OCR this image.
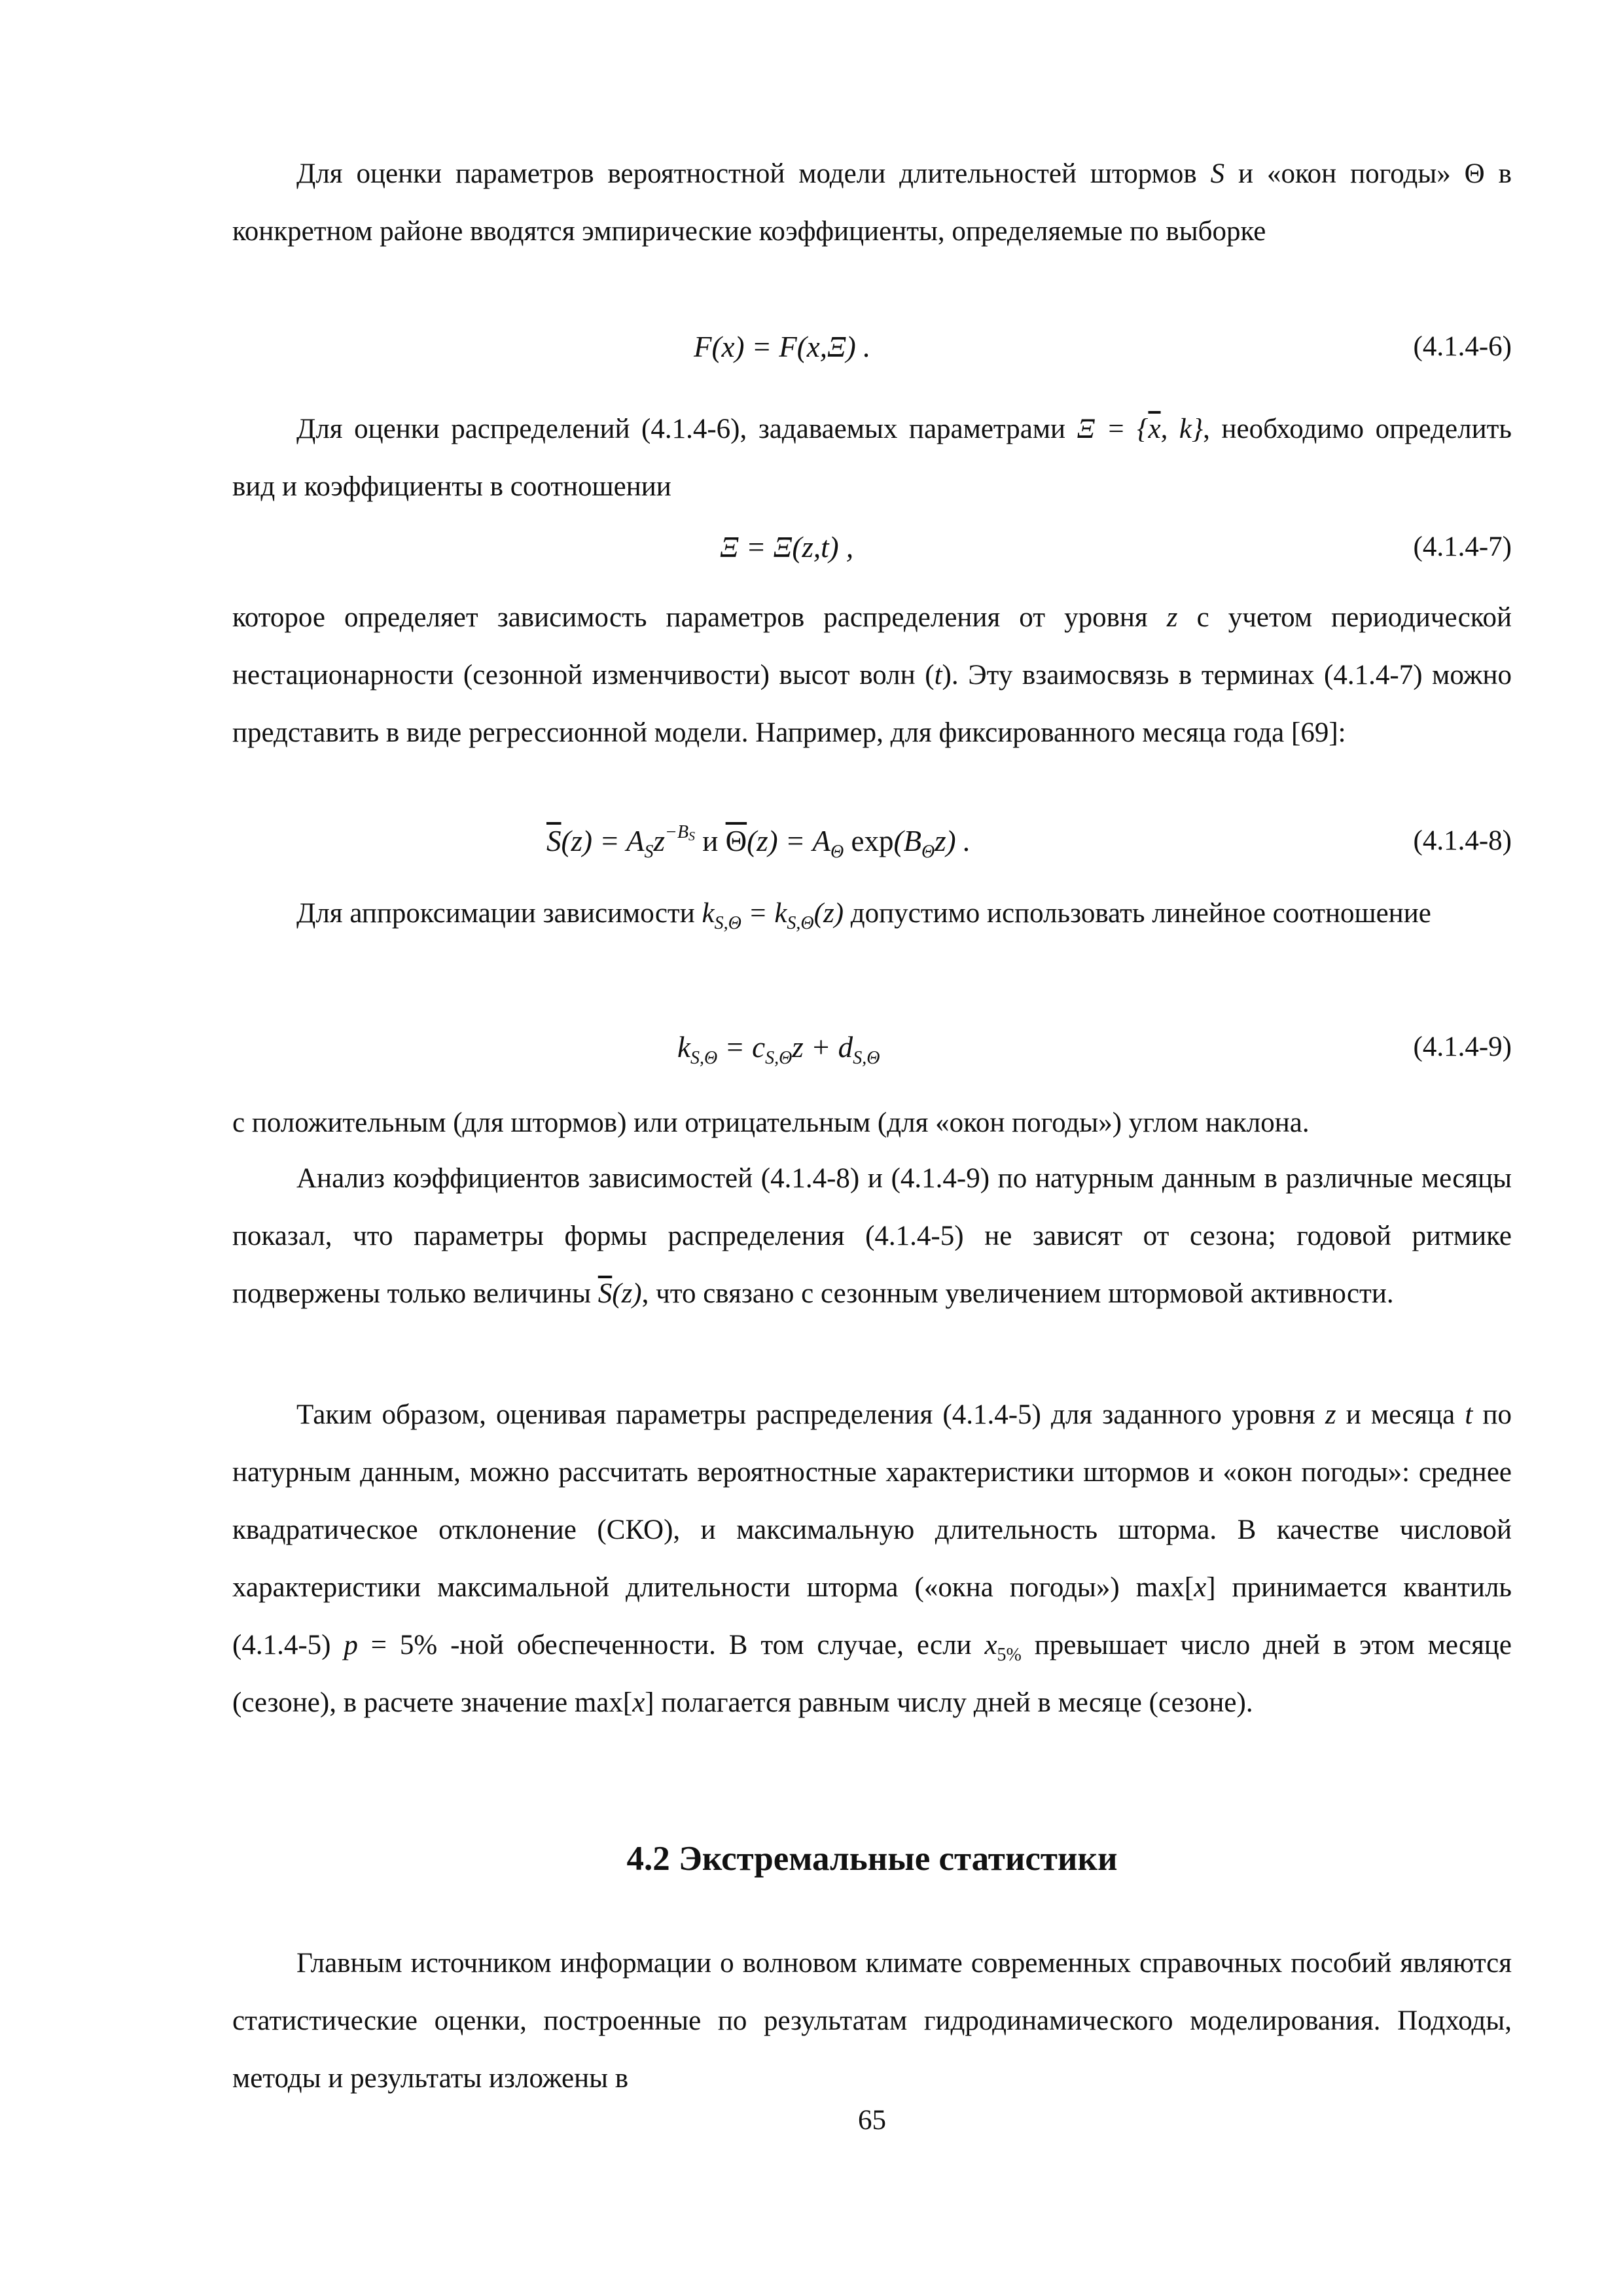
Для оценки параметров вероятностной модели длительностей штормов S и «окон погоды» Θ в конкретном районе вводятся эмпирические коэффициенты, определяемые по выборке

F(x) = F(x,Ξ) .	(4.1.4-6)

Для оценки распределений (4.1.4-6), задаваемых параметрами $\Xi = \{\overline{x}$, k}, необходимо определить вид и коэффициенты в соотношении

Ξ = Ξ(z,t) ,	(4.1.4-7)

которое определяет зависимость параметров распределения от уровня z с учетом периодической нестационарности (сезонной изменчивости) высот волн (t). Эту взаимосвязь в терминах (4.1.4-7) можно представить в виде регрессионной модели. Например, для фиксированного месяца года [69]:

$\overline{S}(z) = A_Sz^{-B_S}$ и $\overline{\Theta}(z) = A_\Theta$ $\exp(B_\Theta z)$ .	(4.1.4-8)

Для аппроксимации зависимости $k_{S,\Theta} = k_{S,\Theta}(z)$ допустимо использовать линейное соотношение

$k_{S,\Theta} = c_{S,\Theta}z + d_{S,\Theta}$	(4.1.4-9)

с положительным (для штормов) или отрицательным (для «окон погоды») углом наклона.

Анализ коэффициентов зависимостей (4.1.4-8) и (4.1.4-9) по натурным данным в различные месяцы показал, что параметры формы распределения (4.1.4-5) не зависят от сезона; годовой ритмике подвержены только величины $\overline{S}(z)$, что связано с сезонным увеличением штормовой активности.

Таким образом, оценивая параметры распределения (4.1.4-5) для заданного уровня z и месяца t по натурным данным, можно рассчитать вероятностные характеристики штормов и «окон погоды»: среднее квадратическое отклонение (СКО), и максимальную длительность шторма. В качестве числовой характеристики максимальной длительности шторма («окна погоды») max[x] принимается квантиль (4.1.4-5) p = 5% -ной обеспеченности. В том случае, если $x_{5\%}$ превышает число дней в этом месяце (сезоне), в расчете значение max[x] полагается равным числу дней в месяце (сезоне).

4.2 Экстремальные статистики

Главным источником информации о волновом климате современных справочных пособий являются статистические оценки, построенные по результатам гидродинамического моделирования. Подходы, методы и результаты изложены в

65
